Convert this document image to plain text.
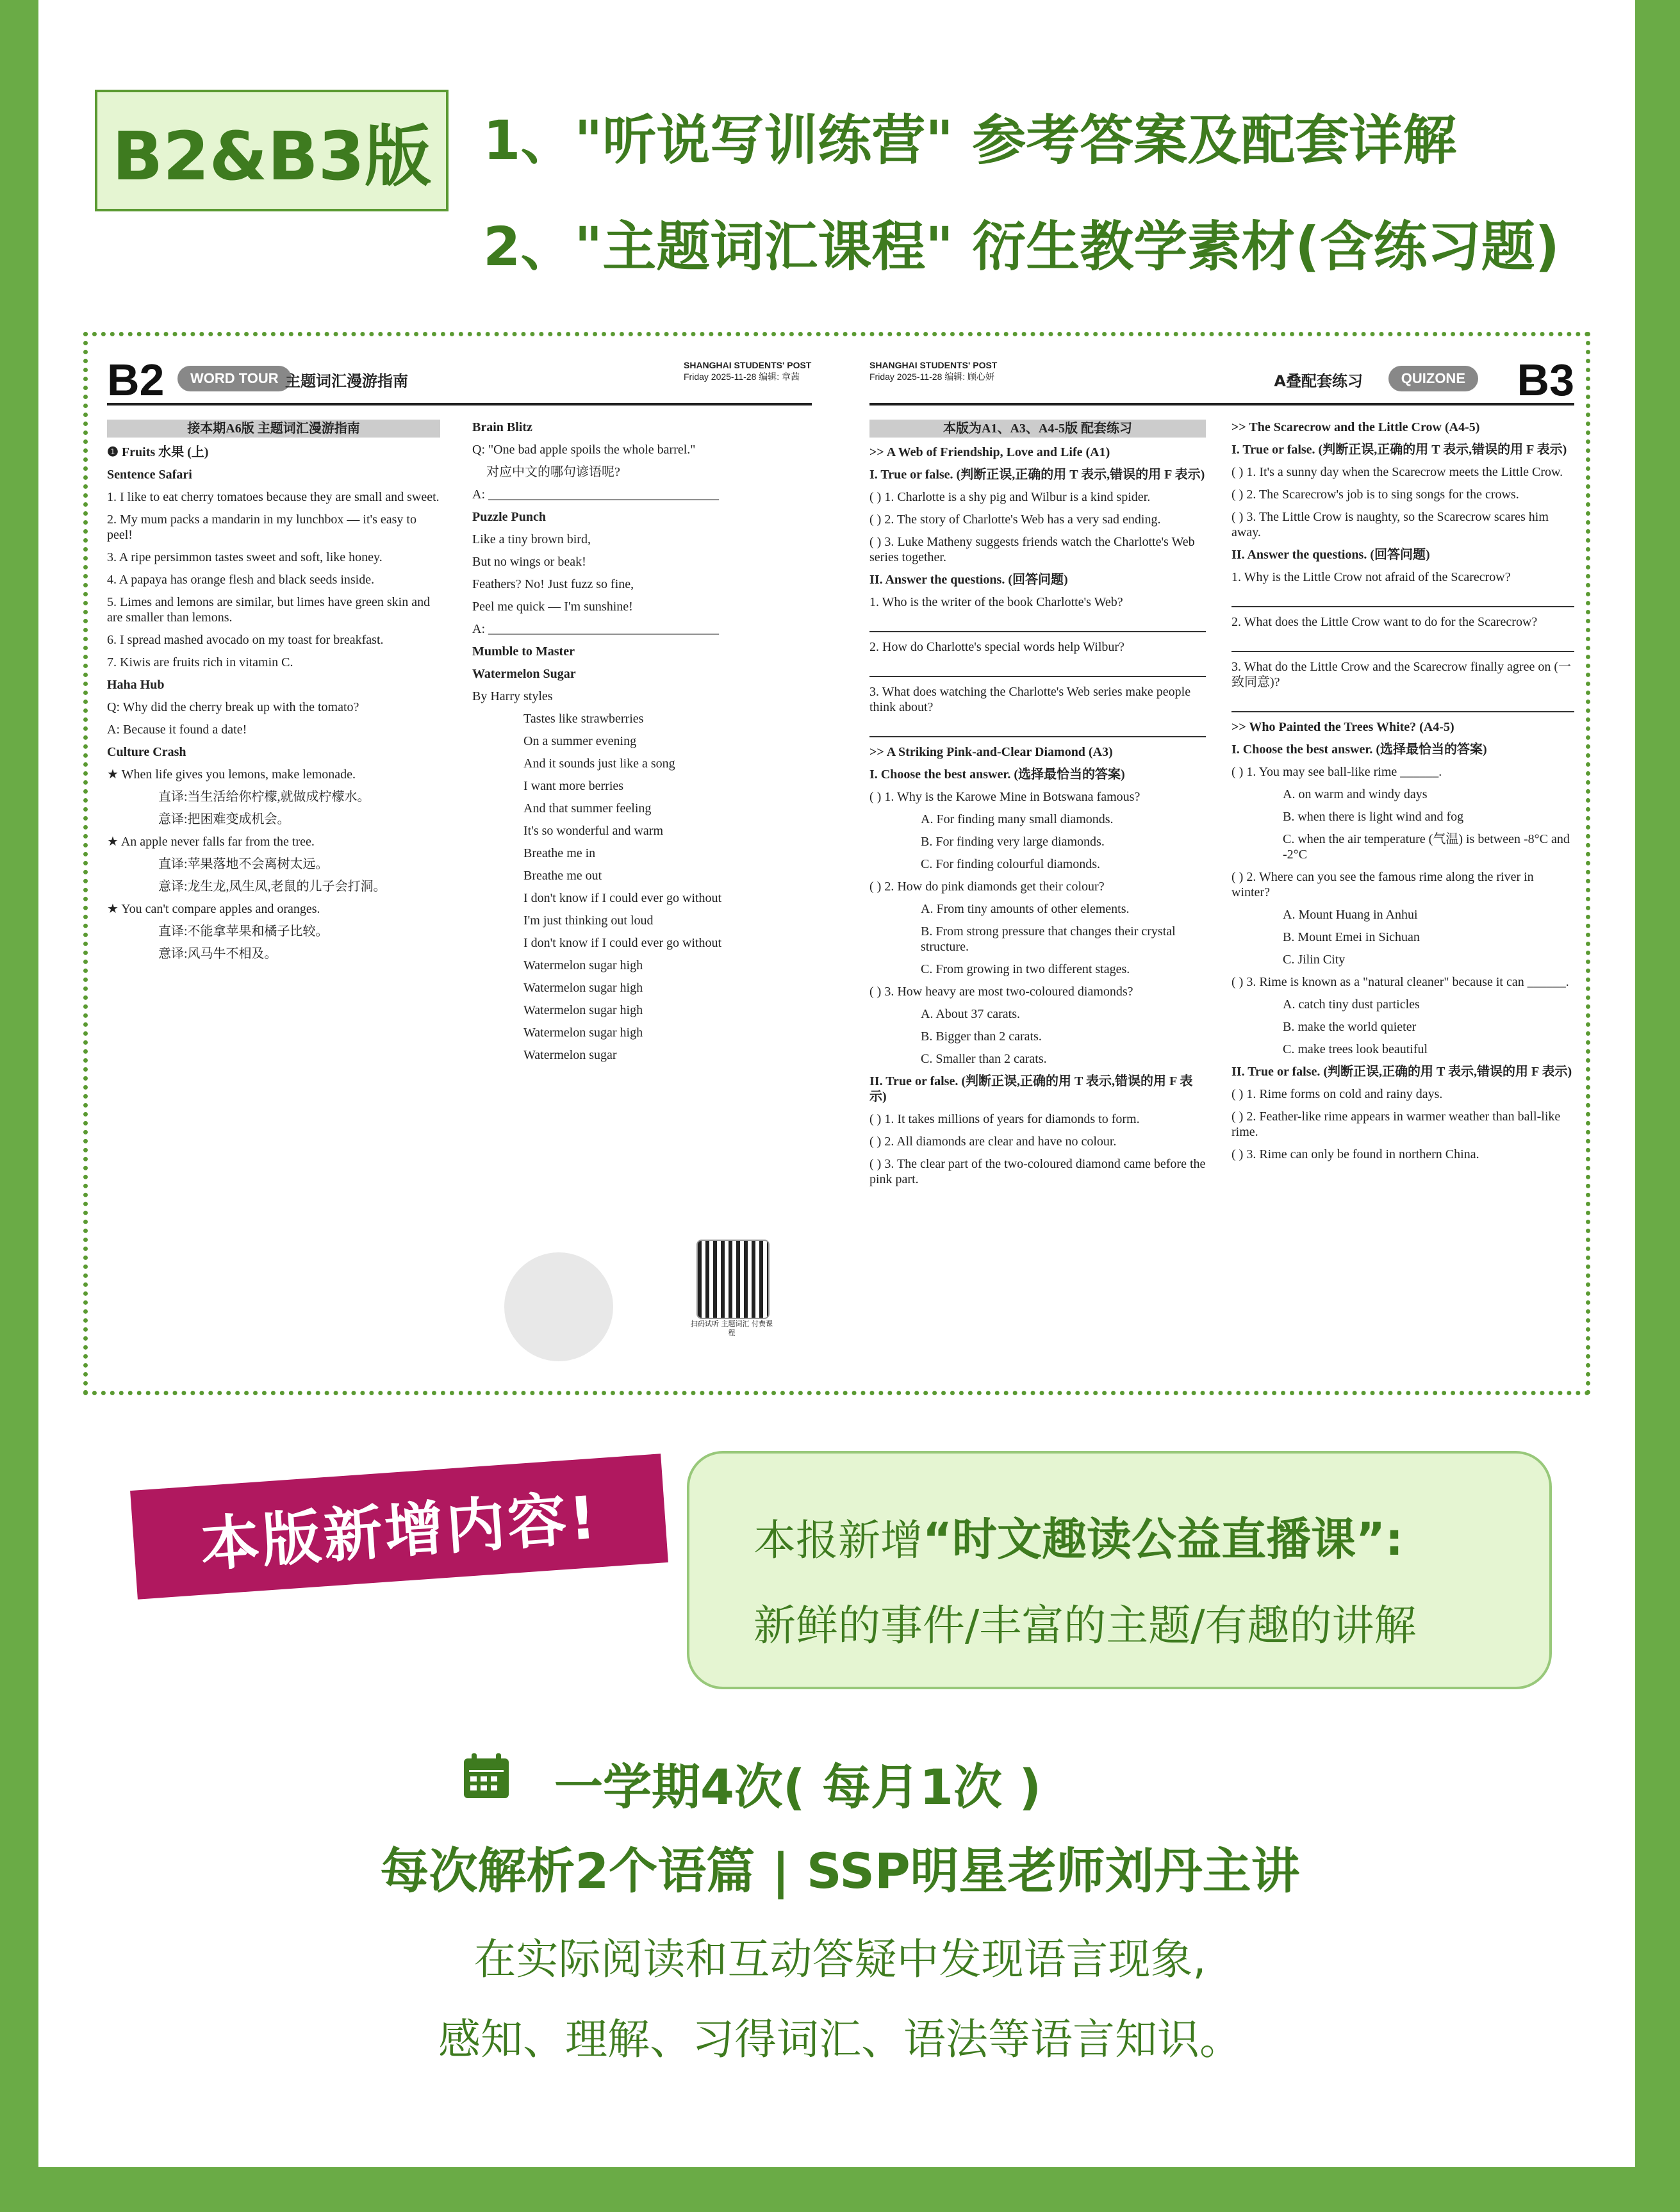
B2&B3版 1、"听说写训练营" 参考答案及配套详解
2、"主题词汇课程" 衍生教学素材(含练习题)
B2	WORD TOUR 主题词汇漫游指南
SHANGHAI STUDENTS' POST
Friday 2025-11-28 编辑: 章茜

接本期A6版 主题词汇漫游指南

❶ Fruits 水果 (上)

Sentence Safari

1. I like to eat cherry tomatoes because they are small and sweet.

2. My mum packs a mandarin in my lunchbox — it's easy to peel!

3. A ripe persimmon tastes sweet and soft, like honey.

4. A papaya has orange flesh and black seeds inside.

5. Limes and lemons are similar, but limes have green skin and are smaller than lemons.

6. I spread mashed avocado on my toast for breakfast.

7. Kiwis are fruits rich in vitamin C.

Haha Hub

Q: Why did the cherry break up with the tomato?

A: Because it found a date!

Culture Crash

★ When life gives you lemons, make lemonade.

直译:当生活给你柠檬,就做成柠檬水。

意译:把困难变成机会。

★ An apple never falls far from the tree.

直译:苹果落地不会离树太远。

意译:龙生龙,凤生凤,老鼠的儿子会打洞。

★ You can't compare apples and oranges.

直译:不能拿苹果和橘子比较。

意译:风马牛不相及。

Brain Blitz

Q: "One bad apple spoils the whole barrel."

对应中文的哪句谚语呢?

A: ____________________________________

Puzzle Punch

Like a tiny brown bird,

But no wings or beak!

Feathers? No! Just fuzz so fine,

Peel me quick — I'm sunshine!

A: ____________________________________

Mumble to Master

Watermelon Sugar

By Harry styles

Tastes like strawberries

On a summer evening

And it sounds just like a song

I want more berries

And that summer feeling

It's so wonderful and warm

Breathe me in

Breathe me out

I don't know if I could ever go without

I'm just thinking out loud

I don't know if I could ever go without

Watermelon sugar high

Watermelon sugar high

Watermelon sugar high

Watermelon sugar high

Watermelon sugar

扫码试听 主题词汇 付费课程
SHANGHAI STUDENTS' POST
Friday 2025-11-28 编辑: 顾心妍	A叠配套练习	QUIZONE B3

本版为A1、A3、A4-5版 配套练习

>> A Web of Friendship, Love and Life (A1)

I. True or false. (判断正误,正确的用 T 表示,错误的用 F 表示)

( ) 1. Charlotte is a shy pig and Wilbur is a kind spider.

( ) 2. The story of Charlotte's Web has a very sad ending.

( ) 3. Luke Matheny suggests friends watch the Charlotte's Web series together.

II. Answer the questions. (回答问题)

1. Who is the writer of the book Charlotte's Web?

2. How do Charlotte's special words help Wilbur?

3. What does watching the Charlotte's Web series make people think about?

>> A Striking Pink-and-Clear Diamond (A3)

I. Choose the best answer. (选择最恰当的答案)

( ) 1. Why is the Karowe Mine in Botswana famous?

A. For finding many small diamonds.

B. For finding very large diamonds.

C. For finding colourful diamonds.

( ) 2. How do pink diamonds get their colour?

A. From tiny amounts of other elements.

B. From strong pressure that changes their crystal structure.

C. From growing in two different stages.

( ) 3. How heavy are most two-coloured diamonds?

A. About 37 carats.

B. Bigger than 2 carats.

C. Smaller than 2 carats.

II. True or false. (判断正误,正确的用 T 表示,错误的用 F 表示)

( ) 1. It takes millions of years for diamonds to form.

( ) 2. All diamonds are clear and have no colour.

( ) 3. The clear part of the two-coloured diamond came before the pink part.

>> The Scarecrow and the Little Crow (A4-5)

I. True or false. (判断正误,正确的用 T 表示,错误的用 F 表示)

( ) 1. It's a sunny day when the Scarecrow meets the Little Crow.

( ) 2. The Scarecrow's job is to sing songs for the crows.

( ) 3. The Little Crow is naughty, so the Scarecrow scares him away.

II. Answer the questions. (回答问题)

1. Why is the Little Crow not afraid of the Scarecrow?

2. What does the Little Crow want to do for the Scarecrow?

3. What do the Little Crow and the Scarecrow finally agree on (一致同意)?

>> Who Painted the Trees White? (A4-5)

I. Choose the best answer. (选择最恰当的答案)

( ) 1. You may see ball-like rime ______.

A. on warm and windy days

B. when there is light wind and fog

C. when the air temperature (气温) is between -8°C and -2°C

( ) 2. Where can you see the famous rime along the river in winter?

A. Mount Huang in Anhui

B. Mount Emei in Sichuan

C. Jilin City

( ) 3. Rime is known as a "natural cleaner" because it can ______.

A. catch tiny dust particles

B. make the world quieter

C. make trees look beautiful

II. True or false. (判断正误,正确的用 T 表示,错误的用 F 表示)

( ) 1. Rime forms on cold and rainy days.

( ) 2. Feather-like rime appears in warmer weather than ball-like rime.

( ) 3. Rime can only be found in northern China.

本版新增内容!	本报新增“时文趣读公益直播课”:
新鲜的事件/丰富的主题/有趣的讲解
一学期4次( 每月1次 )
每次解析2个语篇 | SSP明星老师刘丹主讲
在实际阅读和互动答疑中发现语言现象,
感知、理解、习得词汇、语法等语言知识。
